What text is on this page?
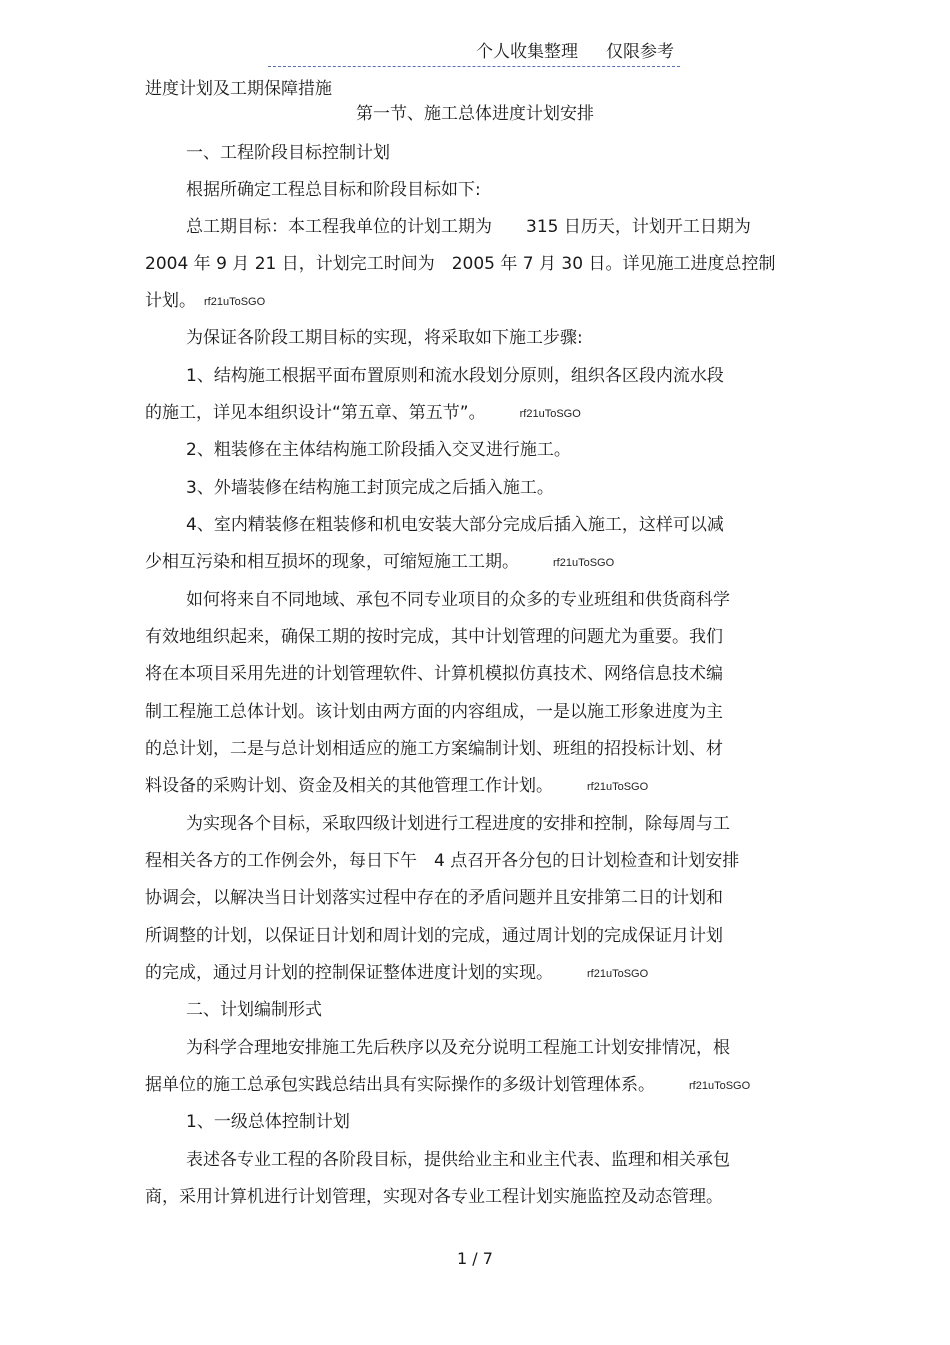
个人收集整理 仅限参考
进度计划及工期保障措施
第一节、施工总体进度计划安排
一、工程阶段目标控制计划
根据所确定工程总目标和阶段目标如下:
总工期目标：本工程我单位的计划工期为　　315 日历天，计划开工日期为
2004 年 9 月 21 日，计划完工时间为　2005 年 7 月 30 日。详见施工进度总控制
计划。 rf21uToSGO
为保证各阶段工期目标的实现，将采取如下施工步骤:
1、结构施工根据平面布置原则和流水段划分原则，组织各区段内流水段
的施工，详见本组织设计“第五章、第五节”。	rf21uToSGO
2、粗装修在主体结构施工阶段插入交叉进行施工。
3、外墙装修在结构施工封顶完成之后插入施工。
4、室内精装修在粗装修和机电安装大部分完成后插入施工，这样可以减
少相互污染和相互损坏的现象，可缩短施工工期。	rf21uToSGO
如何将来自不同地域、承包不同专业项目的众多的专业班组和供货商科学
有效地组织起来，确保工期的按时完成，其中计划管理的问题尤为重要。我们
将在本项目采用先进的计划管理软件、计算机模拟仿真技术、网络信息技术编
制工程施工总体计划。该计划由两方面的内容组成，一是以施工形象进度为主
的总计划，二是与总计划相适应的施工方案编制计划、班组的招投标计划、材
料设备的采购计划、资金及相关的其他管理工作计划。	rf21uToSGO
为实现各个目标，采取四级计划进行工程进度的安排和控制，除每周与工
程相关各方的工作例会外，每日下午　4 点召开各分包的日计划检查和计划安排
协调会，以解决当日计划落实过程中存在的矛盾问题并且安排第二日的计划和
所调整的计划，以保证日计划和周计划的完成，通过周计划的完成保证月计划
的完成，通过月计划的控制保证整体进度计划的实现。	rf21uToSGO
二、计划编制形式
为科学合理地安排施工先后秩序以及充分说明工程施工计划安排情况，根
据单位的施工总承包实践总结出具有实际操作的多级计划管理体系。	rf21uToSGO
1、一级总体控制计划
表述各专业工程的各阶段目标，提供给业主和业主代表、监理和相关承包
商，采用计算机进行计划管理，实现对各专业工程计划实施监控及动态管理。
1 / 7
